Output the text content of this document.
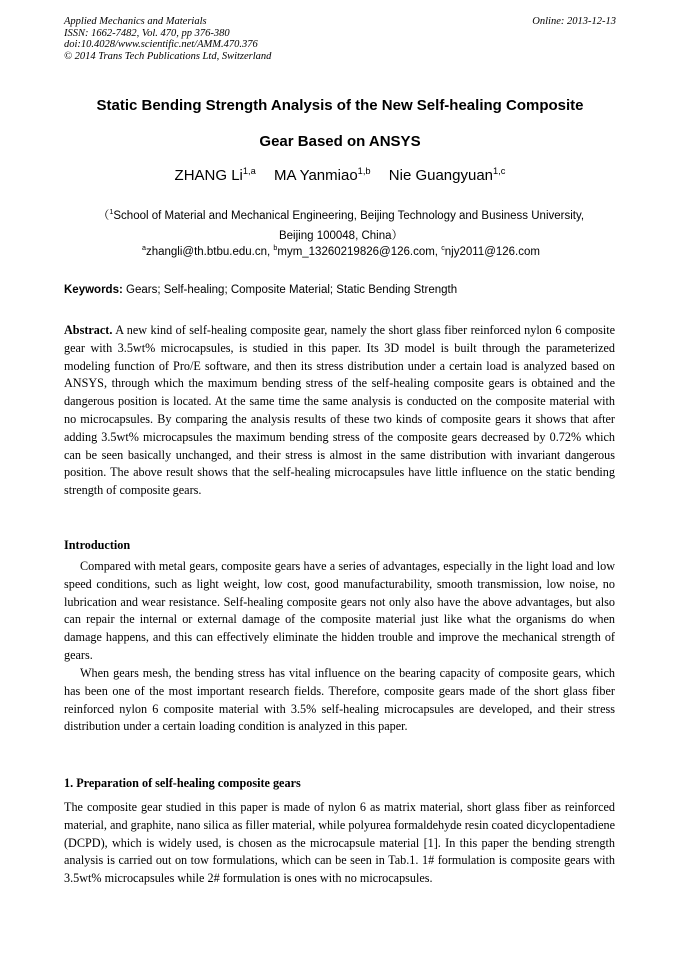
Applied Mechanics and Materials
ISSN: 1662-7482, Vol. 470, pp 376-380
doi:10.4028/www.scientific.net/AMM.470.376
© 2014 Trans Tech Publications Ltd, Switzerland
Online: 2013-12-13
Static Bending Strength Analysis of the New Self-healing Composite
Gear Based on ANSYS
ZHANG Li$^{1,a}$ MA Yanmiao$^{1,b}$ Nie Guangyuan$^{1,c}$
（$^1$School of Material and Mechanical Engineering, Beijing Technology and Business University,
Beijing 100048, China）
$^a$zhangli@th.btbu.edu.cn, $^b$mym_13260219826@126.com, $^c$njy2011@126.com
Keywords: Gears; Self-healing; Composite Material; Static Bending Strength

Abstract. A new kind of self-healing composite gear, namely the short glass fiber reinforced nylon 6 composite gear with 3.5wt% microcapsules, is studied in this paper. Its 3D model is built through the parameterized modeling function of Pro/E software, and then its stress distribution under a certain load is analyzed based on ANSYS, through which the maximum bending stress of the self-healing composite gears is obtained and the dangerous position is located. At the same time the same analysis is conducted on the composite material with no microcapsules. By comparing the analysis results of these two kinds of composite gears it shows that after adding 3.5wt% microcapsules the maximum bending stress of the composite gears decreased by 0.72% which can be seen basically unchanged, and their stress is almost in the same distribution with invariant dangerous position. The above result shows that the self-healing microcapsules have little influence on the static bending strength of composite gears.

Introduction

Compared with metal gears, composite gears have a series of advantages, especially in the light load and low speed conditions, such as light weight, low cost, good manufacturability, smooth transmission, low noise, no lubrication and wear resistance. Self-healing composite gears not only also have the above advantages, but also can repair the internal or external damage of the composite material just like what the organisms do when damage happens, and this can effectively eliminate the hidden trouble and improve the mechanical strength of gears.

When gears mesh, the bending stress has vital influence on the bearing capacity of composite gears, which has been one of the most important research fields. Therefore, composite gears made of the short glass fiber reinforced nylon 6 composite material with 3.5% self-healing microcapsules are developed, and their stress distribution under a certain loading condition is analyzed in this paper.

1. Preparation of self-healing composite gears

The composite gear studied in this paper is made of nylon 6 as matrix material, short glass fiber as reinforced material, and graphite, nano silica as filler material, while polyurea formaldehyde resin coated dicyclopentadiene (DCPD), which is widely used, is chosen as the microcapsule material [1]. In this paper the bending strength analysis is carried out on tow formulations, which can be seen in Tab.1. 1# formulation is composite gears with 3.5wt% microcapsules while 2# formulation is ones with no microcapsules.
